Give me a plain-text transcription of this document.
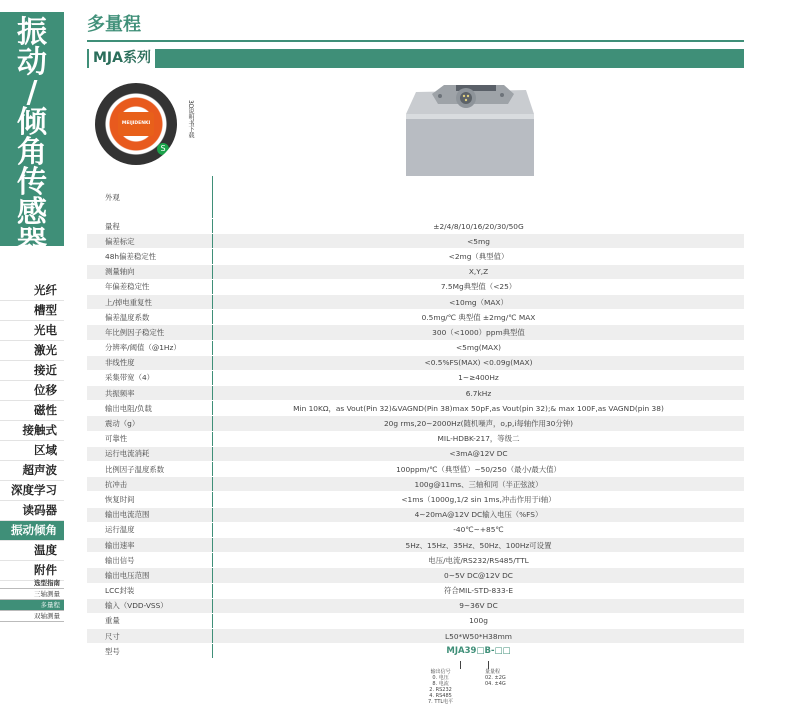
振
动
/
倾
角
传
感
器
光纤
槽型
光电
激光
接近
位移
磁性
接触式
区域
超声波
深度学习
读码器
振动倾角
温度
附件
选型指南
三轴测量
多量程
双轴测量
多量程
MJA系列
MEIJIDENKI
S
3D说明书下载
外观	
量程	±2/4/8/10/16/20/30/50G
偏差标定	<5mg
48h偏差稳定性	<2mg（典型值）
测量轴向	X,Y,Z
年偏差稳定性	7.5Mg典型值（<25）
上/掉电重复性	<10mg（MAX）
偏差温度系数	0.5mg/℃ 典型值 ±2mg/℃ MAX
年比例因子稳定性	300（<1000）ppm典型值
分辨率/阈值（@1Hz）	<5mg(MAX)
非线性度	<0.5%FS(MAX) <0.09g(MAX)
采集带宽（4）	1~≥400Hz
共振频率	6.7kHz
输出电阻/负载	Min 10KΩ，as Vout(Pin 32)&VAGND(Pin 38)max 50pF,as Vout(pin 32);& max 100F,as VAGND(pin 38)
震动（g）	20g rms,20~2000Hz(随机噪声，o,p,i每轴作用30分钟)
可靠性	MIL-HDBK-217，等级二
运行电流消耗	<3mA@12V DC
比例因子温度系数	100ppm/℃（典型值）~50/250（最小/最大值）
抗冲击	100g@11ms、三轴和同（半正弦波）
恢复时间	<1ms（1000g,1/2 sin 1ms,冲击作用于i轴）
输出电流范围	4~20mA@12V DC输入电压（%FS）
运行温度	-40℃~+85℃
输出速率	5Hz、15Hz、35Hz、50Hz、100Hz可设置
输出信号	电压/电流/RS232/RS485/TTL
输出电压范围	0~5V DC@12V DC
LCC封装	符合MIL-STD-833-E
输入（VDD-VSS）	9~36V DC
重量	100g
尺寸	L50*W50*H38mm
型号	MJA39□B-□□
输出信号
0. 电压
8. 电流
2. RS232
4. RS485
7. TTL电平
量量程
02. ±2G
04. ±4G
